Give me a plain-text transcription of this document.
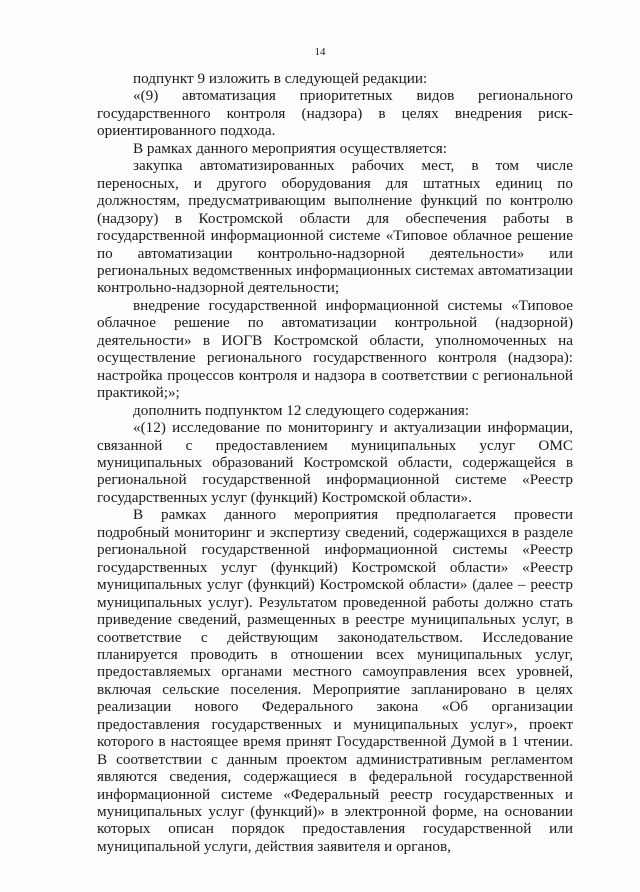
14

подпункт 9 изложить в следующей редакции:

«(9) автоматизация приоритетных видов регионального государственного контроля (надзора) в целях внедрения риск-ориентированного подхода.

В рамках данного мероприятия осуществляется:

закупка автоматизированных рабочих мест, в том числе переносных, и другого оборудования для штатных единиц по должностям, предусматривающим выполнение функций по контролю (надзору) в Костромской области для обеспечения работы в государственной информационной системе «Типовое облачное решение по автоматизации контрольно-надзорной деятельности» или региональных ведомственных информационных системах автоматизации контрольно-надзорной деятельности;

внедрение государственной информационной системы «Типовое облачное решение по автоматизации контрольной (надзорной) деятельности» в ИОГВ Костромской области, уполномоченных на осуществление регионального государственного контроля (надзора): настройка процессов контроля и надзора в соответствии с региональной практикой;»;

дополнить подпунктом 12 следующего содержания:

«(12) исследование по мониторингу и актуализации информации, связанной с предоставлением муниципальных услуг ОМС муниципальных образований Костромской области, содержащейся в региональной государственной информационной системе «Реестр государственных услуг (функций) Костромской области».

В рамках данного мероприятия предполагается провести подробный мониторинг и экспертизу сведений, содержащихся в разделе региональной государственной информационной системы «Реестр государственных услуг (функций) Костромской области» «Реестр муниципальных услуг (функций) Костромской области» (далее – реестр муниципальных услуг). Результатом проведенной работы должно стать приведение сведений, размещенных в реестре муниципальных услуг, в соответствие с действующим законодательством. Исследование планируется проводить в отношении всех муниципальных услуг, предоставляемых органами местного самоуправления всех уровней, включая сельские поселения. Мероприятие запланировано в целях реализации нового Федерального закона «Об организации предоставления государственных и муниципальных услуг», проект которого в настоящее время принят Государственной Думой в 1 чтении. В соответствии с данным проектом административным регламентом являются сведения, содержащиеся в федеральной государственной информационной системе «Федеральный реестр государственных и муниципальных услуг (функций)» в электронной форме, на основании которых описан порядок предоставления государственной или муниципальной услуги, действия заявителя и органов,
